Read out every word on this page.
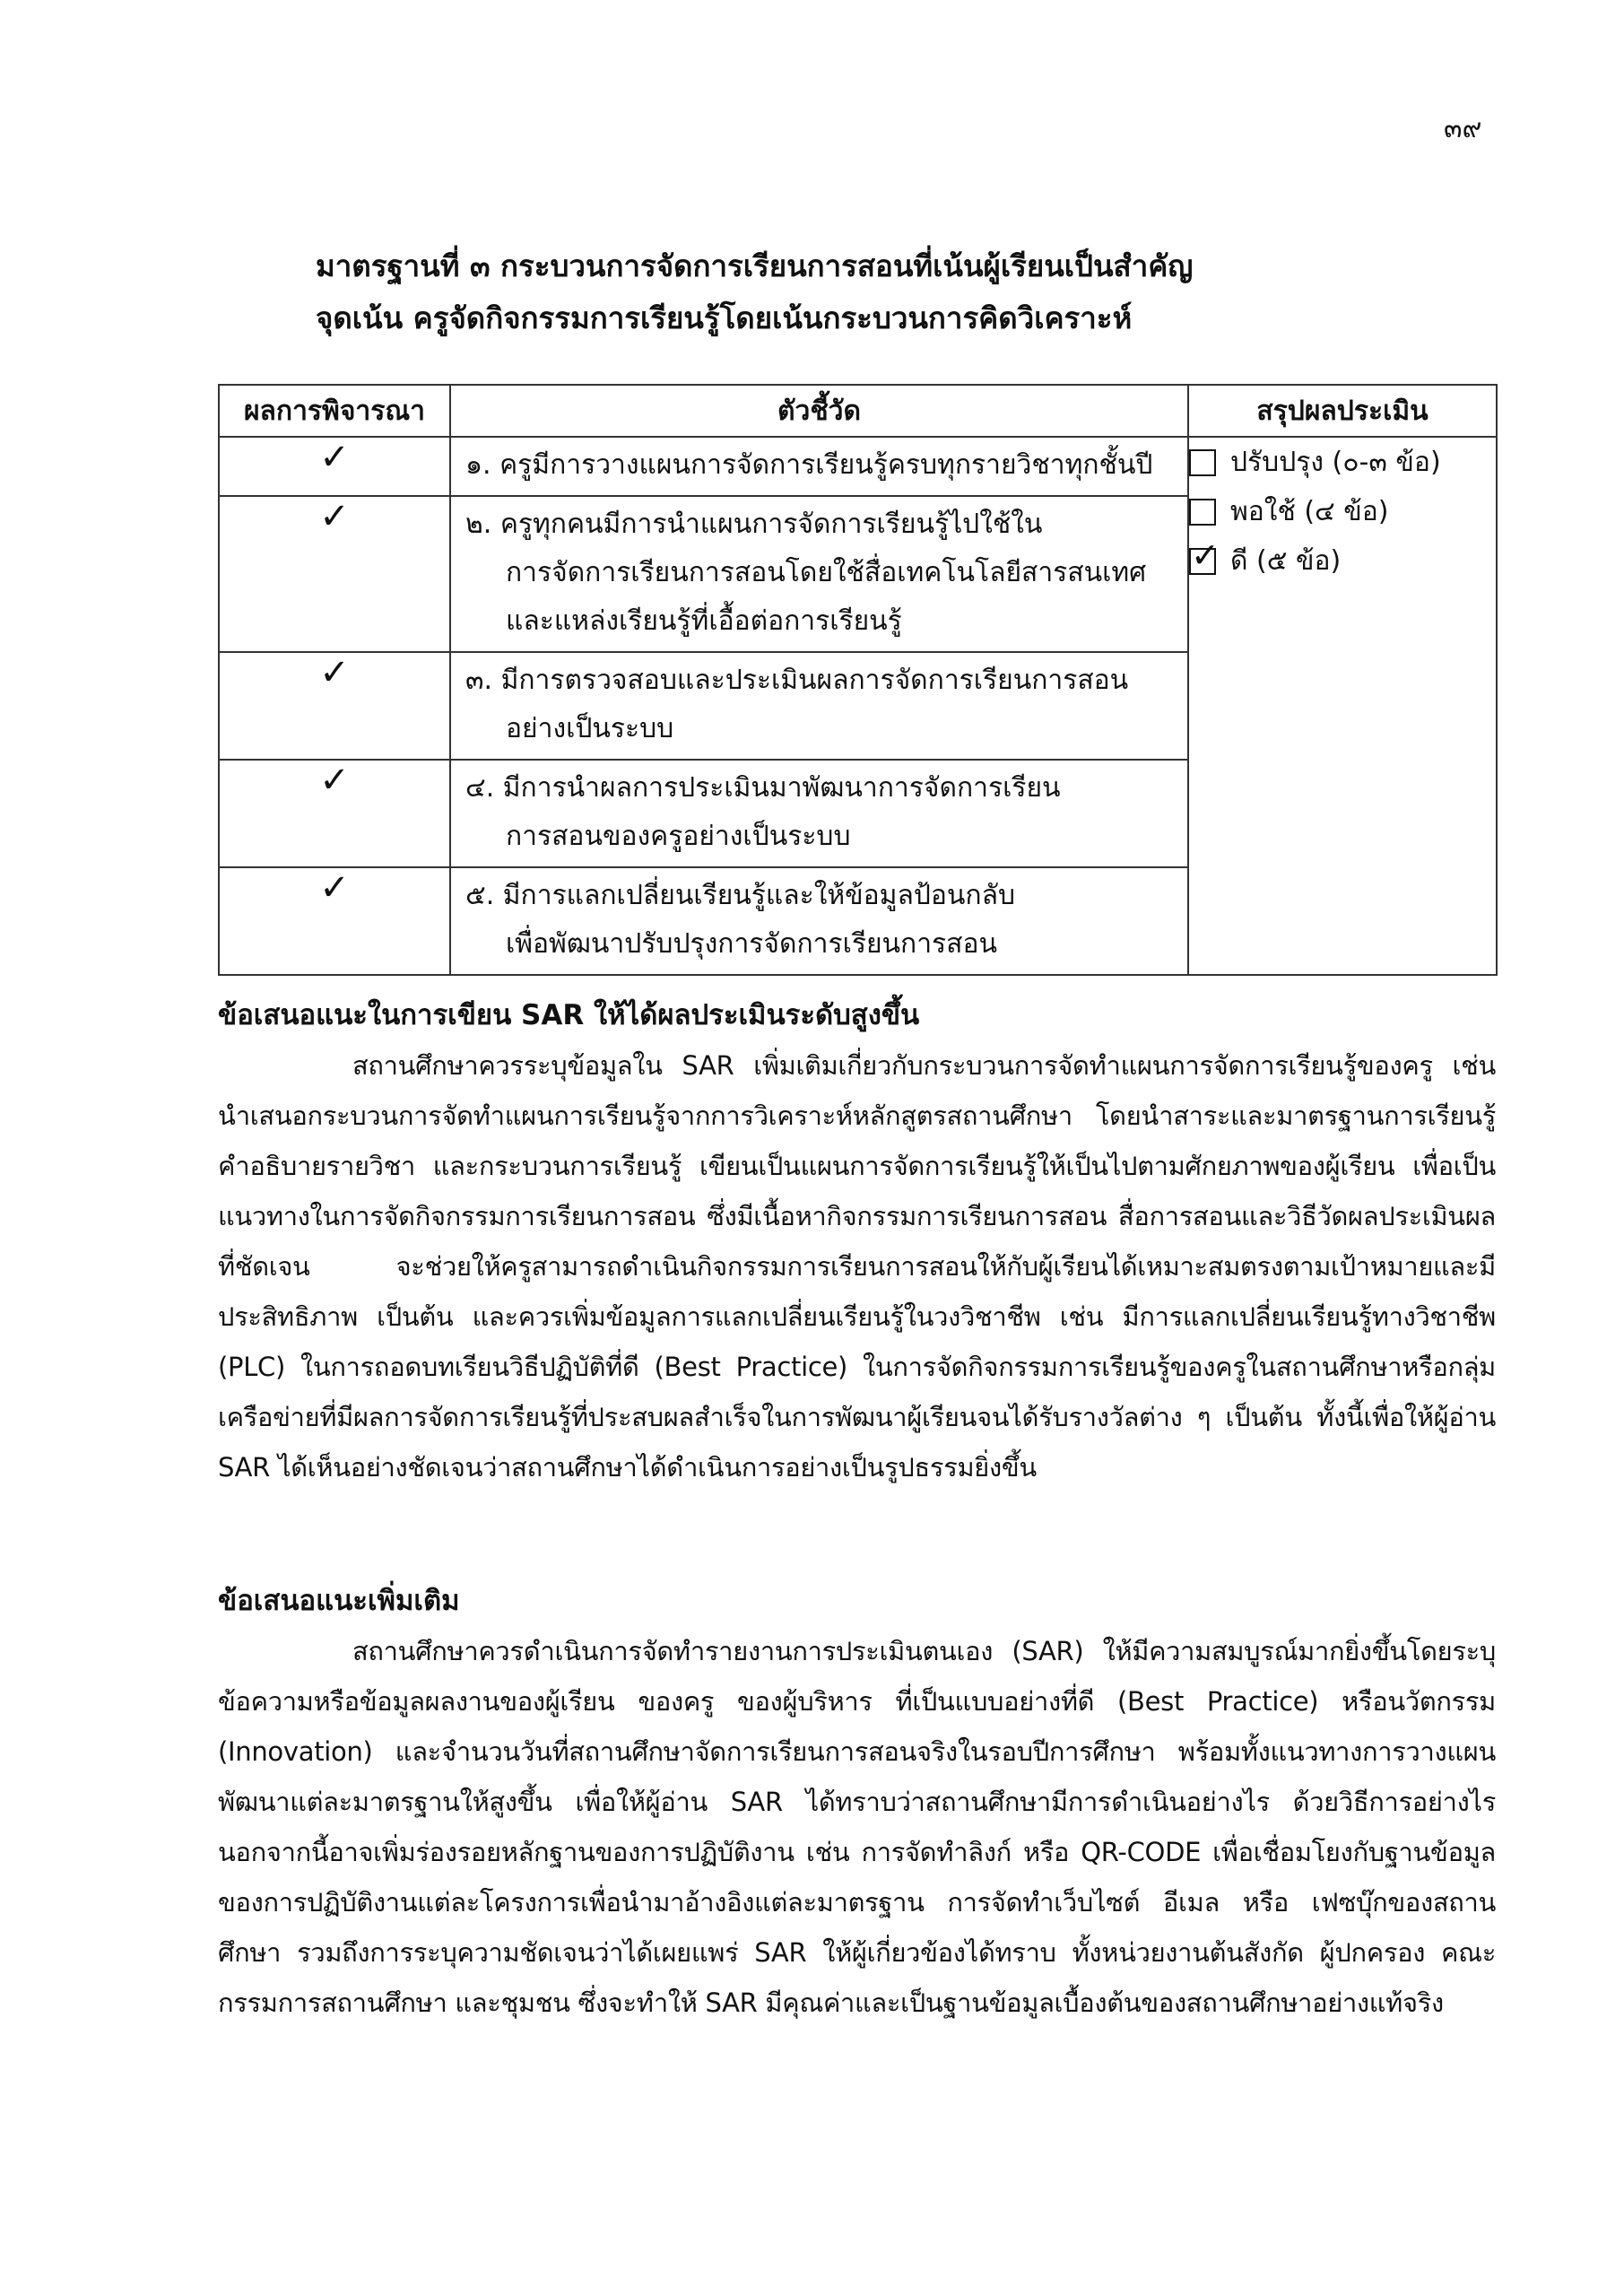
๓๙
มาตรฐานที่ ๓ กระบวนการจัดการเรียนการสอนที่เน้นผู้เรียนเป็นสำคัญ
จุดเน้น ครูจัดกิจกรรมการเรียนรู้โดยเน้นกระบวนการคิดวิเคราะห์
ผลการพิจารณา	ตัวชี้วัด	สรุปผลประเมิน
✓	๑. ครูมีการวางแผนการจัดการเรียนรู้ครบทุกรายวิชาทุกชั้นปี	ปรับปรุง (๐-๓ ข้อ)
พอใช้ (๔ ข้อ)
✓ ดี (๕ ข้อ)

✓	๒. ครูทุกคนมีการนำแผนการจัดการเรียนรู้ไปใช้ใน
การจัดการเรียนการสอนโดยใช้สื่อเทคโนโลยีสารสนเทศ
และแหล่งเรียนรู้ที่เอื้อต่อการเรียนรู้	

✓	๓. มีการตรวจสอบและประเมินผลการจัดการเรียนการสอน
อย่างเป็นระบบ	

✓	๔. มีการนำผลการประเมินมาพัฒนาการจัดการเรียน
การสอนของครูอย่างเป็นระบบ	

✓	๕. มีการแลกเปลี่ยนเรียนรู้และให้ข้อมูลป้อนกลับ
เพื่อพัฒนาปรับปรุงการจัดการเรียนการสอน	
ข้อเสนอแนะในการเขียน SAR ให้ได้ผลประเมินระดับสูงขึ้น

สถานศึกษาควรระบุข้อมูลใน SAR เพิ่มเติมเกี่ยวกับกระบวนการจัดทำแผนการจัดการเรียนรู้ของครู เช่น นำเสนอกระบวนการจัดทำแผนการเรียนรู้จากการวิเคราะห์หลักสูตรสถานศึกษา โดยนำสาระและมาตรฐานการเรียนรู้ คำอธิบายรายวิชา และกระบวนการเรียนรู้ เขียนเป็นแผนการจัดการเรียนรู้ให้เป็นไปตามศักยภาพของผู้เรียน เพื่อเป็นแนวทางในการจัดกิจกรรมการเรียนการสอน ซึ่งมีเนื้อหากิจกรรมการเรียนการสอน สื่อการสอนและวิธีวัดผลประเมินผลที่ชัดเจน จะช่วยให้ครูสามารถดำเนินกิจกรรมการเรียนการสอนให้กับผู้เรียนได้เหมาะสมตรงตามเป้าหมายและมีประสิทธิภาพ เป็นต้น และควรเพิ่มข้อมูลการแลกเปลี่ยนเรียนรู้ในวงวิชาชีพ เช่น มีการแลกเปลี่ยนเรียนรู้ทางวิชาชีพ (PLC) ในการถอดบทเรียนวิธีปฏิบัติที่ดี (Best Practice) ในการจัดกิจกรรมการเรียนรู้ของครูในสถานศึกษาหรือกลุ่มเครือข่ายที่มีผลการจัดการเรียนรู้ที่ประสบผลสำเร็จในการพัฒนาผู้เรียนจนได้รับรางวัลต่าง ๆ เป็นต้น ทั้งนี้เพื่อให้ผู้อ่าน SAR ได้เห็นอย่างชัดเจนว่าสถานศึกษาได้ดำเนินการอย่างเป็นรูปธรรมยิ่งขึ้น

ข้อเสนอแนะเพิ่มเติม

สถานศึกษาควรดำเนินการจัดทำรายงานการประเมินตนเอง (SAR) ให้มีความสมบูรณ์มากยิ่งขึ้นโดยระบุข้อความหรือข้อมูลผลงานของผู้เรียน ของครู ของผู้บริหาร ที่เป็นแบบอย่างที่ดี (Best Practice) หรือนวัตกรรม (Innovation) และจำนวนวันที่สถานศึกษาจัดการเรียนการสอนจริงในรอบปีการศึกษา พร้อมทั้งแนวทางการวางแผนพัฒนาแต่ละมาตรฐานให้สูงขึ้น เพื่อให้ผู้อ่าน SAR ได้ทราบว่าสถานศึกษามีการดำเนินอย่างไร ด้วยวิธีการอย่างไร นอกจากนี้อาจเพิ่มร่องรอยหลักฐานของการปฏิบัติงาน เช่น การจัดทำลิงก์ หรือ QR-CODE เพื่อเชื่อมโยงกับฐานข้อมูลของการปฏิบัติงานแต่ละโครงการเพื่อนำมาอ้างอิงแต่ละมาตรฐาน การจัดทำเว็บไซต์ อีเมล หรือ เฟซบุ๊กของสถานศึกษา รวมถึงการระบุความชัดเจนว่าได้เผยแพร่ SAR ให้ผู้เกี่ยวข้องได้ทราบ ทั้งหน่วยงานต้นสังกัด ผู้ปกครอง คณะกรรมการสถานศึกษา และชุมชน ซึ่งจะทำให้ SAR มีคุณค่าและเป็นฐานข้อมูลเบื้องต้นของสถานศึกษาอย่างแท้จริง
